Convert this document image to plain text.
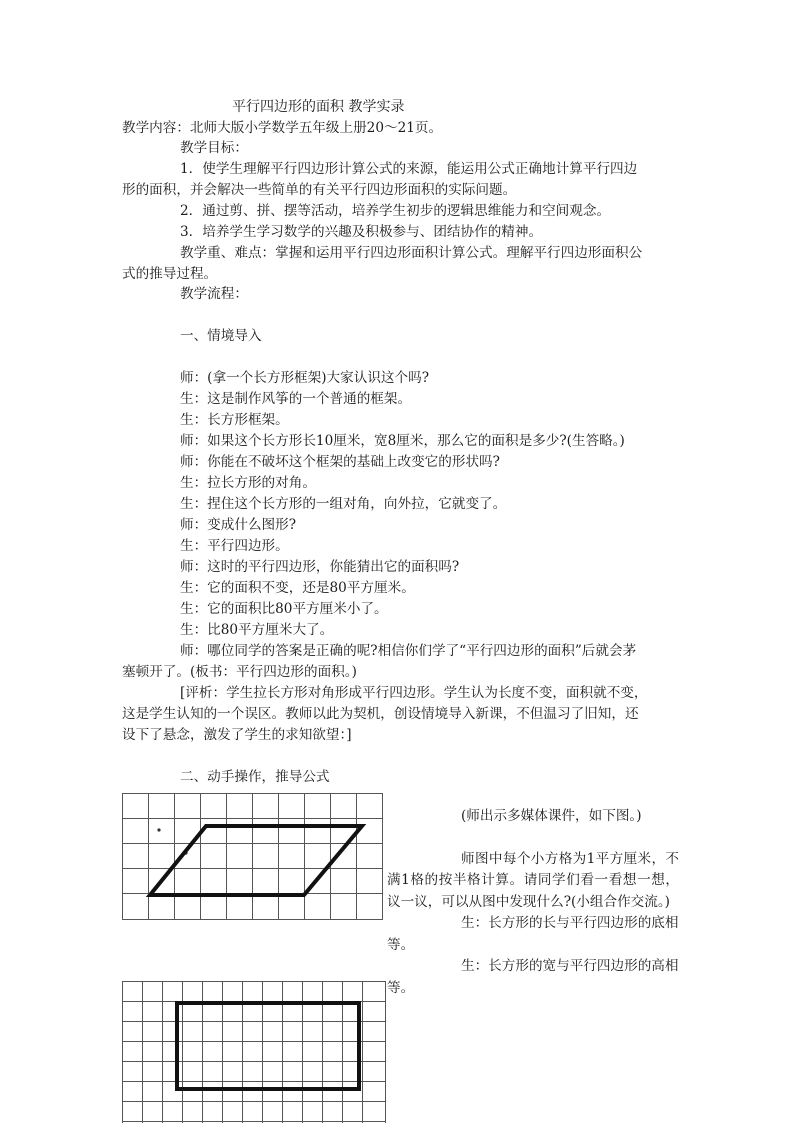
平行四边形的面积 教学实录
教学内容：北师大版小学数学五年级上册20～21页。
教学目标：
1．使学生理解平行四边形计算公式的来源，能运用公式正确地计算平行四边
形的面积，并会解决一些简单的有关平行四边形面积的实际问题。
2．通过剪、拼、摆等活动，培养学生初步的逻辑思维能力和空间观念。
3．培养学生学习数学的兴趣及积极参与、团结协作的精神。
教学重、难点：掌握和运用平行四边形面积计算公式。理解平行四边形面积公
式的推导过程。
教学流程：
一、情境导入
师：(拿一个长方形框架)大家认识这个吗?
生：这是制作风筝的一个普通的框架。
生：长方形框架。
师：如果这个长方形长10厘米，宽8厘米，那么它的面积是多少?(生答略。)
师：你能在不破坏这个框架的基础上改变它的形状吗?
生：拉长方形的对角。
生：捏住这个长方形的一组对角，向外拉，它就变了。
师：变成什么图形?
生：平行四边形。
师：这时的平行四边形，你能猜出它的面积吗?
生：它的面积不变，还是80平方厘米。
生：它的面积比80平方厘米小了。
生：比80平方厘米大了。
师：哪位同学的答案是正确的呢?相信你们学了“平行四边形的面积”后就会茅
塞顿开了。(板书：平行四边形的面积。)
[评析：学生拉长方形对角形成平行四边形。学生认为长度不变，面积就不变，
这是学生认知的一个误区。教师以此为契机，创设情境导入新课，不但温习了旧知，还
设下了悬念，激发了学生的求知欲望：]
二、动手操作，推导公式

(师出示多媒体课件，如下图。)

师图中每个小方格为1平方厘米，不满1格的按半格计算。请同学们看一看想一想，议一议，可以从图中发现什么?(小组合作交流。)

生：长方形的长与平行四边形的底相等。

生：长方形的宽与平行四边形的高相等。
